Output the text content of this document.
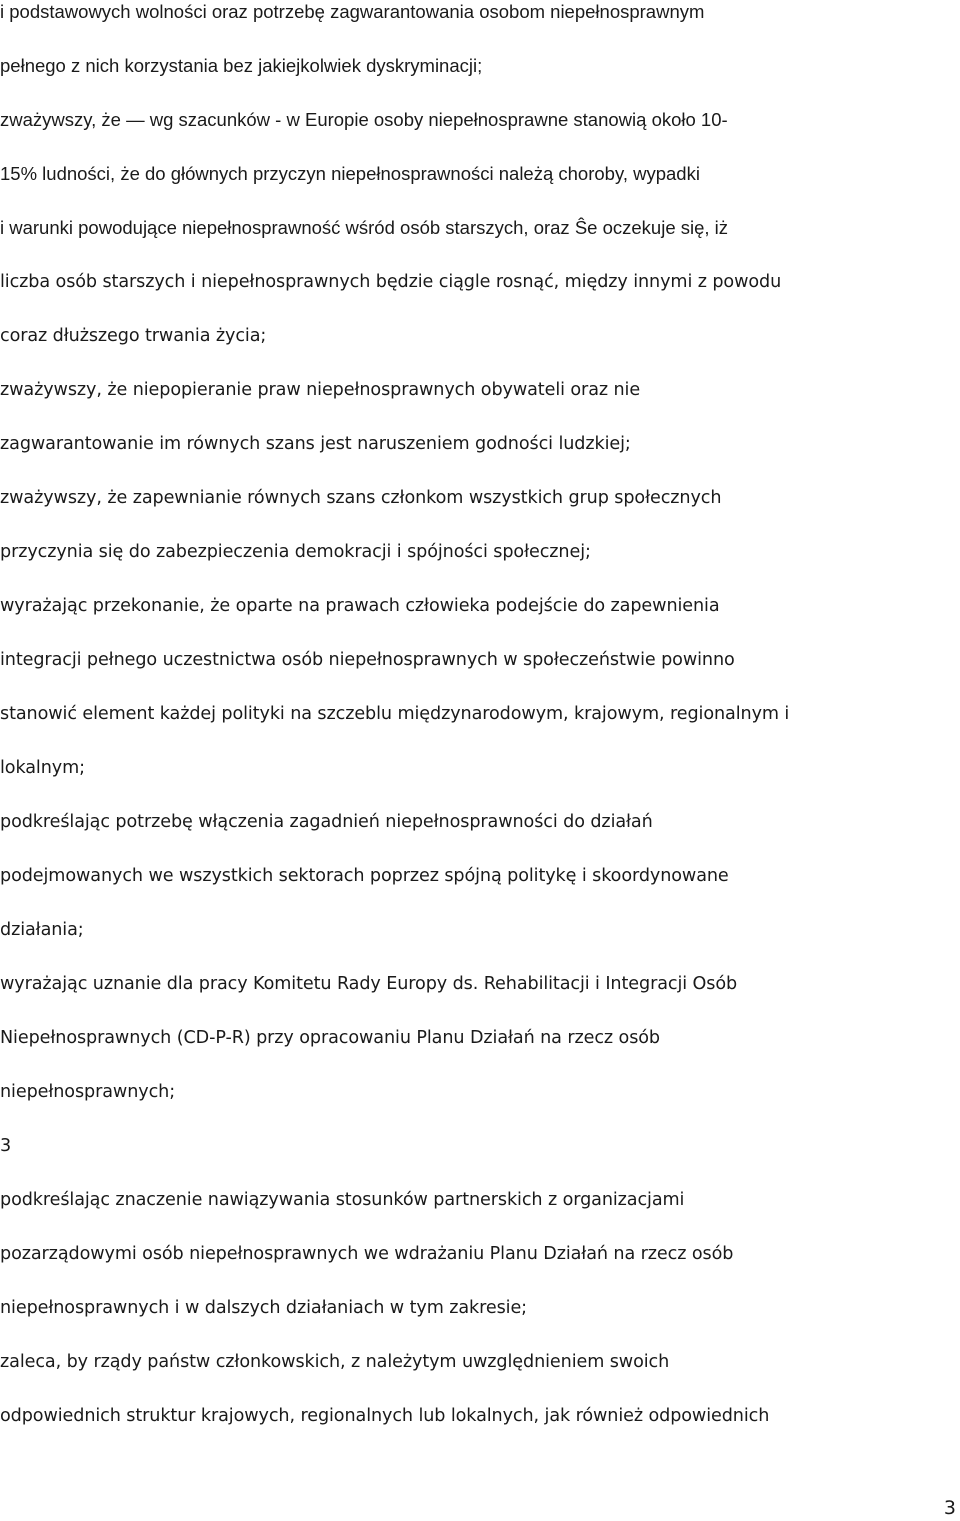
i podstawowych wolności oraz potrzebę zagwarantowania osobom niepełnosprawnym
pełnego z nich korzystania bez jakiejkolwiek dyskryminacji;
zważywszy, że — wg szacunków - w Europie osoby niepełnosprawne stanowią około 10-
15% ludności, że do głównych przyczyn niepełnosprawności należą choroby, wypadki
i warunki powodujące niepełnosprawność wśród osób starszych, oraz Ŝe oczekuje się, iż
liczba osób starszych i niepełnosprawnych będzie ciągle rosnąć, między innymi z powodu
coraz dłuższego trwania życia;
zważywszy, że niepopieranie praw niepełnosprawnych obywateli oraz nie
zagwarantowanie im równych szans jest naruszeniem godności ludzkiej;
zważywszy, że zapewnianie równych szans członkom wszystkich grup społecznych
przyczynia się do zabezpieczenia demokracji i spójności społecznej;
wyrażając przekonanie, że oparte na prawach człowieka podejście do zapewnienia
integracji pełnego uczestnictwa osób niepełnosprawnych w społeczeństwie powinno
stanowić element każdej polityki na szczeblu międzynarodowym, krajowym, regionalnym i
lokalnym;
podkreślając potrzebę włączenia zagadnień niepełnosprawności do działań
podejmowanych we wszystkich sektorach poprzez spójną politykę i skoordynowane
działania;
wyrażając uznanie dla pracy Komitetu Rady Europy ds. Rehabilitacji i Integracji Osób
Niepełnosprawnych (CD-P-R) przy opracowaniu Planu Działań na rzecz osób
niepełnosprawnych;
3
podkreślając znaczenie nawiązywania stosunków partnerskich z organizacjami
pozarządowymi osób niepełnosprawnych we wdrażaniu Planu Działań na rzecz osób
niepełnosprawnych i w dalszych działaniach w tym zakresie;
zaleca, by rządy państw członkowskich, z należytym uwzględnieniem swoich
odpowiednich struktur krajowych, regionalnych lub lokalnych, jak również odpowiednich
3
